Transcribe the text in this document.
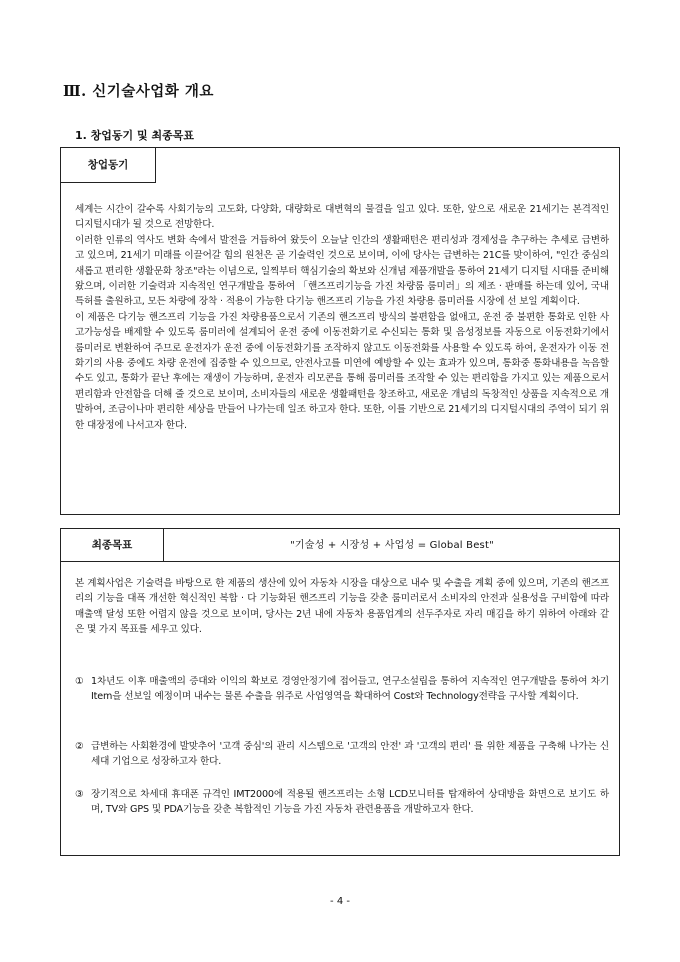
Ⅲ. 신기술사업화 개요
1. 창업동기 및 최종목표
창업동기

세계는 시간이 갈수록 사회기능의 고도화, 다양화, 대량화로 대변혁의 물결을 일고 있다. 또한, 앞으로 새로운 21세기는 본격적인 디지털시대가 될 것으로 전망한다.

이러한 인류의 역사도 변화 속에서 발전을 거듭하여 왔듯이 오늘날 인간의 생활패턴은 편리성과 경제성을 추구하는 추세로 급변하고 있으며, 21세기 미래를 이끌어갈 힘의 원천은 곧 기술력인 것으로 보이며, 이에 당사는 급변하는 21C를 맞이하여, "인간 중심의 새롭고 편리한 생활문화 창조"라는 이념으로, 일찍부터 핵심기술의 확보와 신개념 제품개발을 통하여 21세기 디지털 시대를 준비해 왔으며, 이러한 기술력과 지속적인 연구개발을 통하여 「핸즈프리기능을 가진 차량룸 룸미러」의 제조 · 판매를 하는데 있어, 국내특허를 출원하고, 모든 차량에 장착 · 적용이 가능한 다기능 핸즈프리 기능을 가진 차량용 룸미러를 시장에 선 보일 계획이다.

이 제품은 다기능 핸즈프리 기능을 가진 차량용품으로서 기존의 핸즈프리 방식의 불편함을 없애고, 운전 중 불편한 통화로 인한 사고가능성을 배제할 수 있도록 룸미러에 설계되어 운전 중에 이동전화기로 수신되는 통화 및 음성정보를 자동으로 이동전화기에서 룸미러로 변환하여 주므로 운전자가 운전 중에 이동전화기를 조작하지 않고도 이동전화를 사용할 수 있도록 하여, 운전자가 이동 전화기의 사용 중에도 차량 운전에 집중할 수 있으므로, 안전사고를 미연에 예방할 수 있는 효과가 있으며, 통화중 통화내용을 녹음할 수도 있고, 통화가 끝난 후에는 재생이 가능하며, 운전자 리모콘을 통해 룸미러를 조작할 수 있는 편리함을 가지고 있는 제품으로서 편리함과 안전함을 더해 줄 것으로 보이며, 소비자들의 새로운 생활패턴을 창조하고, 새로운 개념의 독창적인 상품을 지속적으로 개발하여, 조금이나마 편리한 세상을 만들어 나가는데 일조 하고자 한다. 또한, 이를 기반으로 21세기의 디지털시대의 주역이 되기 위한 대장정에 나서고자 한다.

최종목표	"기술성 + 시장성 + 사업성 = Global Best"
본 계획사업은 기술력을 바탕으로 한 제품의 생산에 있어 자동차 시장을 대상으로 내수 및 수출을 계획 중에 있으며, 기존의 핸즈프리의 기능을 대폭 개선한 혁신적인 복합 · 다 기능화된 핸즈프리 기능을 갖춘 룸미러로서 소비자의 안전과 실용성을 구비함에 따라 매출액 달성 또한 어렵지 않을 것으로 보이며, 당사는 2년 내에 자동차 용품업계의 선두주자로 자리 매김을 하기 위하여 아래와 같은 몇 가지 목표를 세우고 있다.
① 1차년도 이후 매출액의 증대와 이익의 확보로 경영안정기에 접어들고, 연구소설립을 통하여 지속적인 연구개발을 통하여 차기 Item을 선보일 예정이며 내수는 물론 수출을 위주로 사업영역을 확대하여 Cost와 Technology전략을 구사할 계획이다.
② 급변하는 사회환경에 발맞추어 '고객 중심'의 관리 시스템으로 '고객의 안전' 과 '고객의 편리' 를 위한 제품을 구축해 나가는 신세대 기업으로 성장하고자 한다.
③ 장기적으로 차세대 휴대폰 규격인 IMT2000에 적용될 핸즈프리는 소형 LCD모니터를 탑재하여 상대방을 화면으로 보기도 하며, TV와 GPS 및 PDA기능을 갖춘 복합적인 기능을 가진 자동차 관련용품을 개발하고자 한다.
- 4 -
